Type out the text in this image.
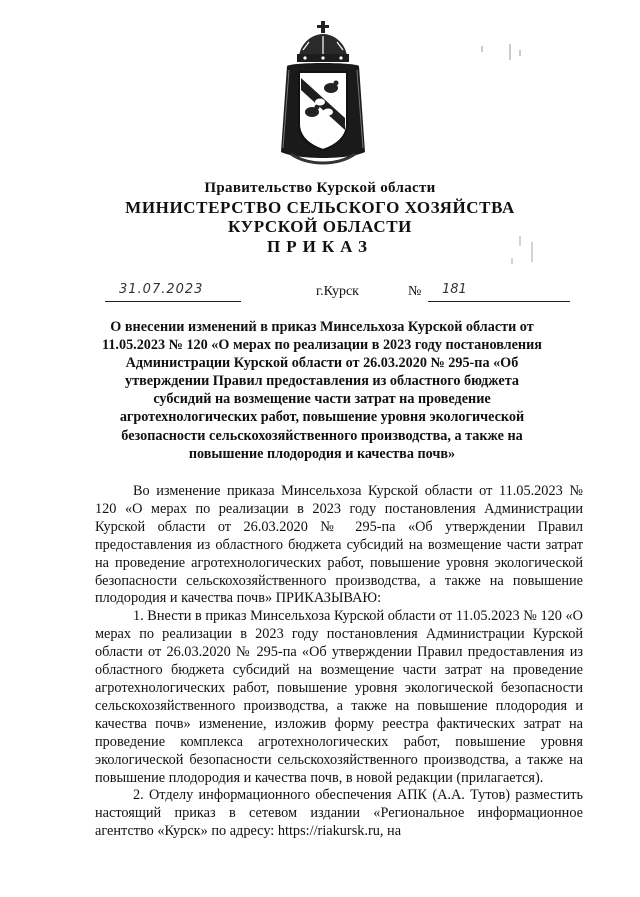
Правительство Курской области
МИНИСТЕРСТВО СЕЛЬСКОГО ХОЗЯЙСТВА
КУРСКОЙ ОБЛАСТИ
ПРИКАЗ
31.07.2023	г.Курск	№ 181
О внесении изменений в приказ Минсельхоза Курской области от 11.05.2023 № 120 «О мерах по реализации в 2023 году постановления Администрации Курской области от 26.03.2020 № 295-па «Об утверждении Правил предоставления из областного бюджета субсидий на возмещение части затрат на проведение агротехнологических работ, повышение уровня экологической безопасности сельскохозяйственного производства, а также на повышение плодородия и качества почв»

Во изменение приказа Минсельхоза Курской области от 11.05.2023 № 120 «О мерах по реализации в 2023 году постановления Администрации Курской области от 26.03.2020 № 295-па «Об утверждении Правил предоставления из областного бюджета субсидий на возмещение части затрат на проведение агротехнологических работ, повышение уровня экологической безопасности сельскохозяйственного производства, а также на повышение плодородия и качества почв» ПРИКАЗЫВАЮ:

1. Внести в приказ Минсельхоза Курской области от 11.05.2023 № 120 «О мерах по реализации в 2023 году постановления Администрации Курской области от 26.03.2020 № 295-па «Об утверждении Правил предоставления из областного бюджета субсидий на возмещение части затрат на проведение агротехнологических работ, повышение уровня экологической безопасности сельскохозяйственного производства, а также на повышение плодородия и качества почв» изменение, изложив форму реестра фактических затрат на проведение комплекса агротехнологических работ, повышение уровня экологической безопасности сельскохозяйственного производства, а также на повышение плодородия и качества почв, в новой редакции (прилагается).

2. Отделу информационного обеспечения АПК (А.А. Тутов) разместить настоящий приказ в сетевом издании «Региональное информационное агентство «Курск» по адресу: https://riakursk.ru, на
